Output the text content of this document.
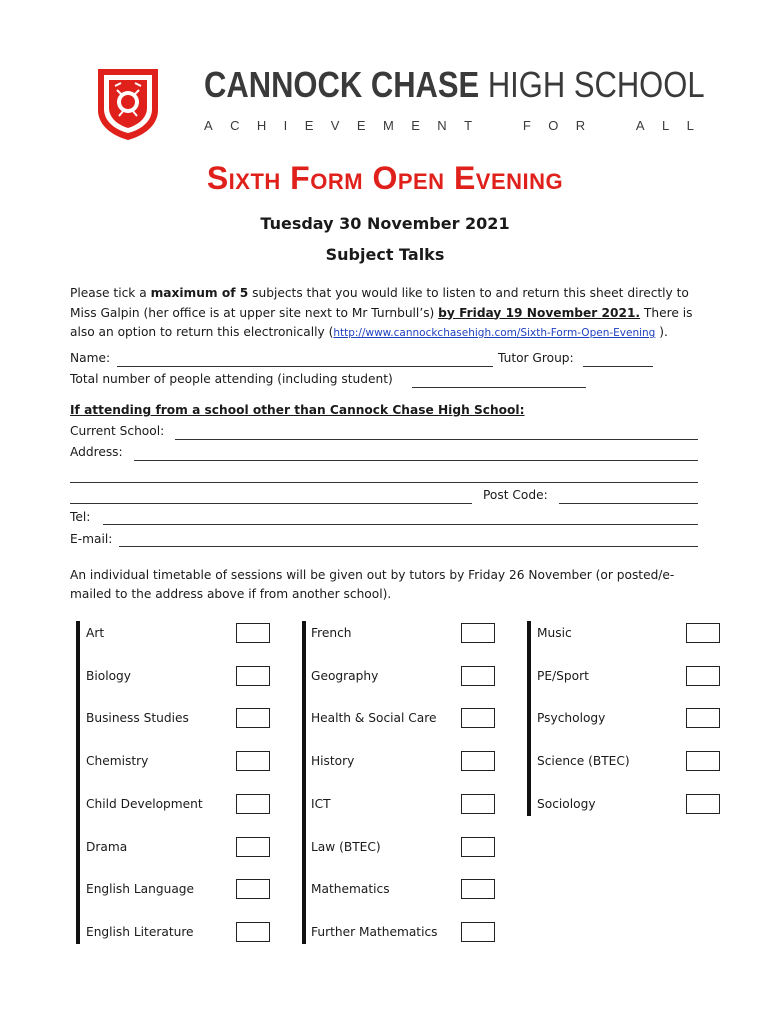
CANNOCK CHASE HIGH SCHOOL
A C H I E V E M E N T	F O R	A L L
Sixth Form Open Evening
Tuesday 30 November 2021
Subject Talks
Please tick a maximum of 5 subjects that you would like to listen to and return this sheet directly to Miss Galpin (her office is at upper site next to Mr Turnbull’s) by Friday 19 November 2021. There is also an option to return this electronically (http://www.cannockchasehigh.com/Sixth-Form-Open-Evening ).
Name:	Tutor Group:
Total number of people attending (including student)
If attending from a school other than Cannock Chase High School:
Current School:
Address:
Post Code:
Tel:
E-mail:
An individual timetable of sessions will be given out by tutors by Friday 26 November (or posted/e-mailed to the address above if from another school).
Art
Biology
Business Studies
Chemistry
Child Development
Drama
English Language
English Literature
French
Geography
Health & Social Care
History
ICT
Law (BTEC)
Mathematics
Further Mathematics
Music
PE/Sport
Psychology
Science (BTEC)
Sociology
